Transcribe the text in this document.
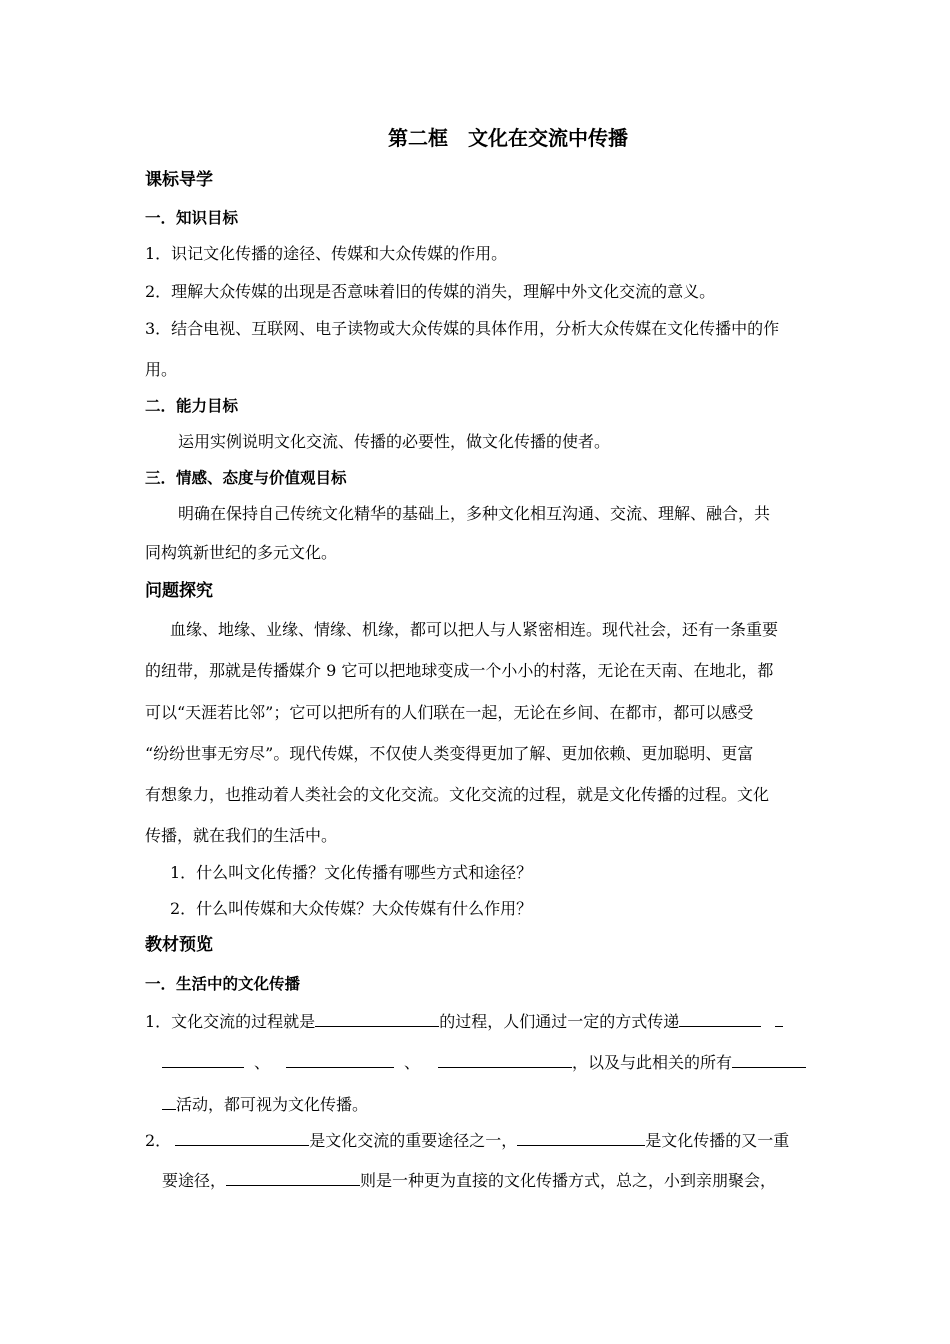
第二框　文化在交流中传播
课标导学
一．知识目标
1．识记文化传播的途径、传媒和大众传媒的作用。
2．理解大众传媒的出现是否意味着旧的传媒的消失，理解中外文化交流的意义。
3．结合电视、互联网、电子读物或大众传媒的具体作用，分析大众传媒在文化传播中的作
用。
二．能力目标
运用实例说明文化交流、传播的必要性，做文化传播的使者。
三．情感、态度与价值观目标
明确在保持自己传统文化精华的基础上，多种文化相互沟通、交流、理解、融合，共
同构筑新世纪的多元文化。
问题探究
血缘、地缘、业缘、情缘、机缘，都可以把人与人紧密相连。现代社会，还有一条重要
的纽带，那就是传播媒介 9 它可以把地球变成一个小小的村落，无论在天南、在地北，都
可以“天涯若比邻”；它可以把所有的人们联在一起，无论在乡间、在都市，都可以感受
“纷纷世事无穷尽”。现代传媒，不仅使人类变得更加了解、更加依赖、更加聪明、更富
有想象力，也推动着人类社会的文化交流。文化交流的过程，就是文化传播的过程。文化
传播，就在我们的生活中。
1．什么叫文化传播？文化传播有哪些方式和途径？
2．什么叫传媒和大众传媒？大众传媒有什么作用？
教材预览
一．生活中的文化传播
1．文化交流的过程就是	的过程，人们通过一定的方式传递
、	、	，以及与此相关的所有
活动，都可视为文化传播。
2．	是文化交流的重要途径之一，	是文化传播的又一重
要途径，	则是一种更为直接的文化传播方式，总之，小到亲朋聚会，
